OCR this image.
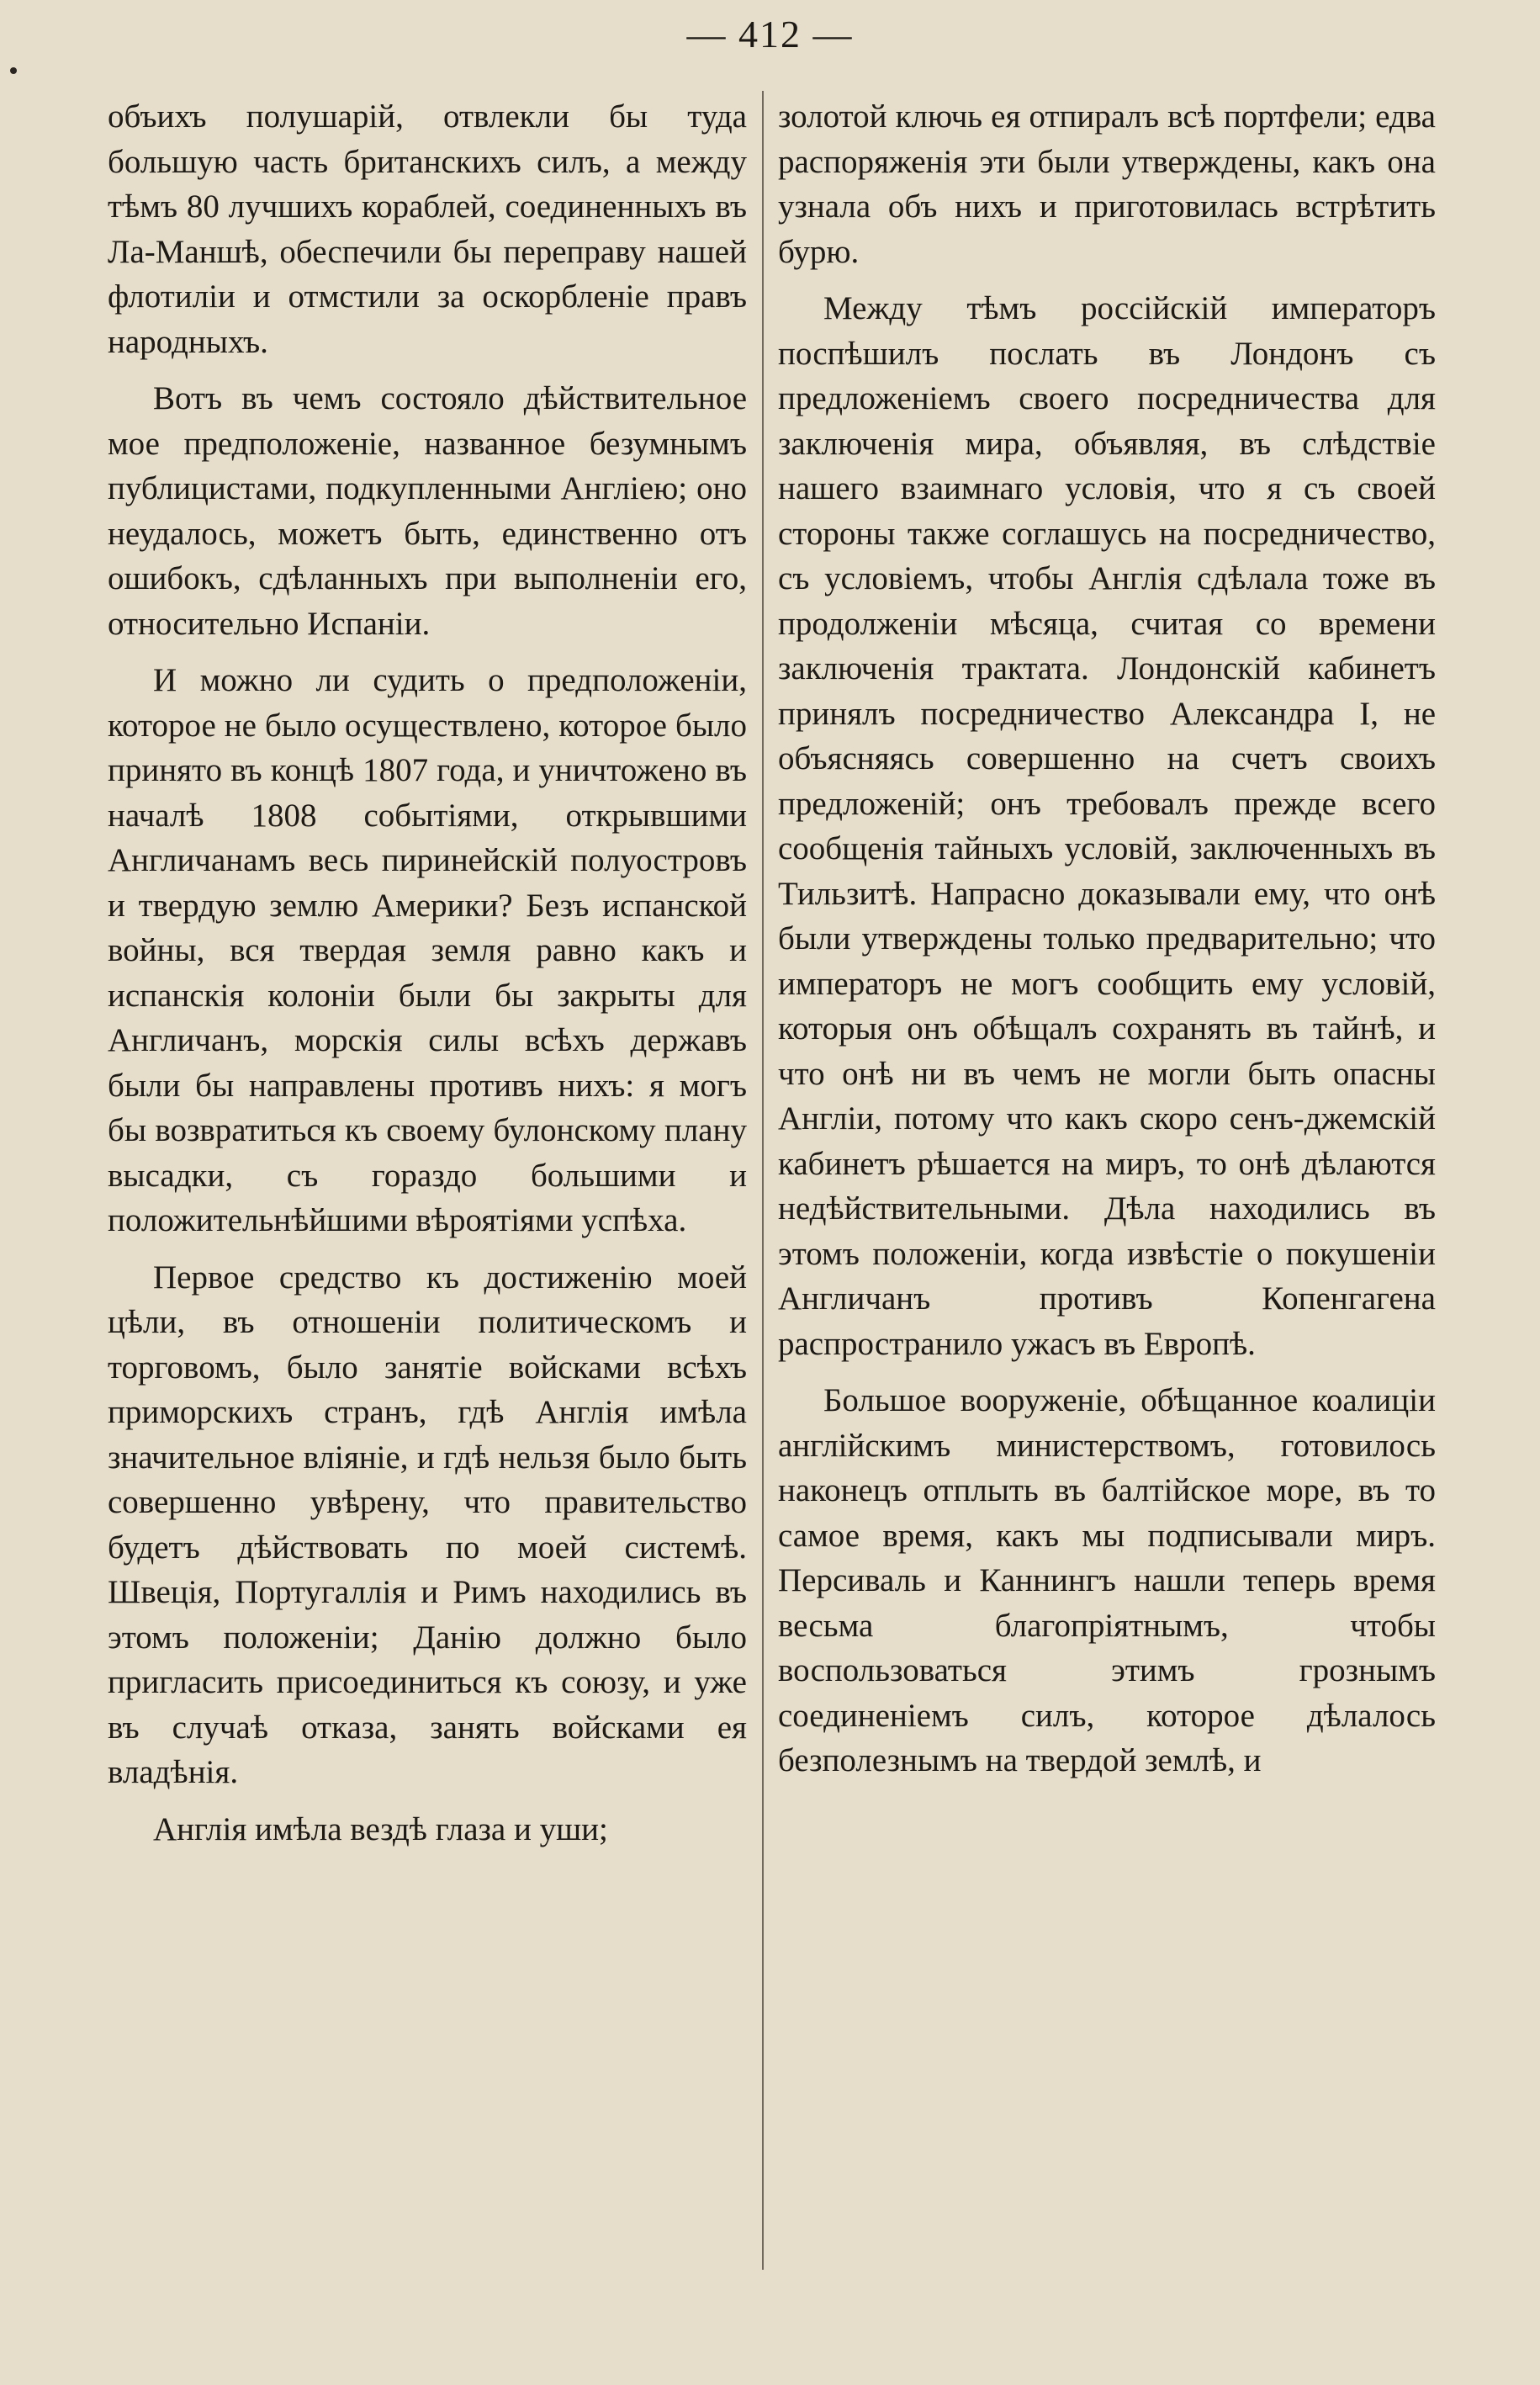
— 412 —

объихъ полушарій, отвлекли бы туда большую часть британскихъ силъ, а между тѣмъ 80 лучшихъ кораблей, соединенныхъ въ Ла-Маншѣ, обеспечили бы переправу нашей флотиліи и отмстили за оскорбленіе правъ народныхъ.

Вотъ въ чемъ состояло дѣйствительное мое предположеніе, названное безумнымъ публицистами, подкупленными Англіею; оно неудалось, можетъ быть, единственно отъ ошибокъ, сдѣланныхъ при выполненіи его, относительно Испаніи.

И можно ли судить о предположеніи, которое не было осуществлено, которое было принято въ концѣ 1807 года, и уничтожено въ началѣ 1808 событіями, открывшими Англичанамъ весь пиринейскій полуостровъ и твердую землю Америки? Безъ испанской войны, вся твердая земля равно какъ и испанскія колоніи были бы закрыты для Англичанъ, морскія силы всѣхъ державъ были бы направлены противъ нихъ: я могъ бы возвратиться къ своему булонскому плану высадки, съ гораздо большими и положительнѣйшими вѣроятіями успѣха.

Первое средство къ достиженію моей цѣли, въ отношеніи политическомъ и торговомъ, было занятіе войсками всѣхъ приморскихъ странъ, гдѣ Англія имѣла значительное вліяніе, и гдѣ нельзя было быть совершенно увѣрену, что правительство будетъ дѣйствовать по моей системѣ. Швеція, Португаллія и Римъ находились въ этомъ положеніи; Данію должно было пригласить присоединиться къ союзу, и уже въ случаѣ отказа, занять войсками ея владѣнія.

Англія имѣла вездѣ глаза и уши;

золотой ключь ея отпиралъ всѣ портфели; едва распоряженія эти были утверждены, какъ она узнала объ нихъ и приготовилась встрѣтить бурю.

Между тѣмъ россійскій императоръ поспѣшилъ послать въ Лондонъ съ предложеніемъ своего посредничества для заключенія мира, объявляя, въ слѣдствіе нашего взаимнаго условія, что я съ своей стороны также соглашусь на посредничество, съ условіемъ, чтобы Англія сдѣлала тоже въ продолженіи мѣсяца, считая со времени заключенія трактата. Лондонскій кабинетъ принялъ посредничество Александра I, не объясняясь совершенно на счетъ своихъ предложеній; онъ требовалъ прежде всего сообщенія тайныхъ условій, заключенныхъ въ Тильзитѣ. Напрасно доказывали ему, что онѣ были утверждены только предварительно; что императоръ не могъ сообщить ему условій, которыя онъ обѣщалъ сохранять въ тайнѣ, и что онѣ ни въ чемъ не могли быть опасны Англіи, потому что какъ скоро сенъ-джемскій кабинетъ рѣшается на миръ, то онѣ дѣлаются недѣйствительными. Дѣла находились въ этомъ положеніи, когда извѣстіе о покушеніи Англичанъ противъ Копенгагена распространило ужасъ въ Европѣ.

Большое вооруженіе, обѣщанное коалиціи англійскимъ министерствомъ, готовилось наконецъ отплыть въ балтійское море, въ то самое время, какъ мы подписывали миръ. Персиваль и Каннингъ нашли теперь время весьма благопріятнымъ, чтобы воспользоваться этимъ грознымъ соединеніемъ силъ, которое дѣлалось безполезнымъ на твердой землѣ, и
